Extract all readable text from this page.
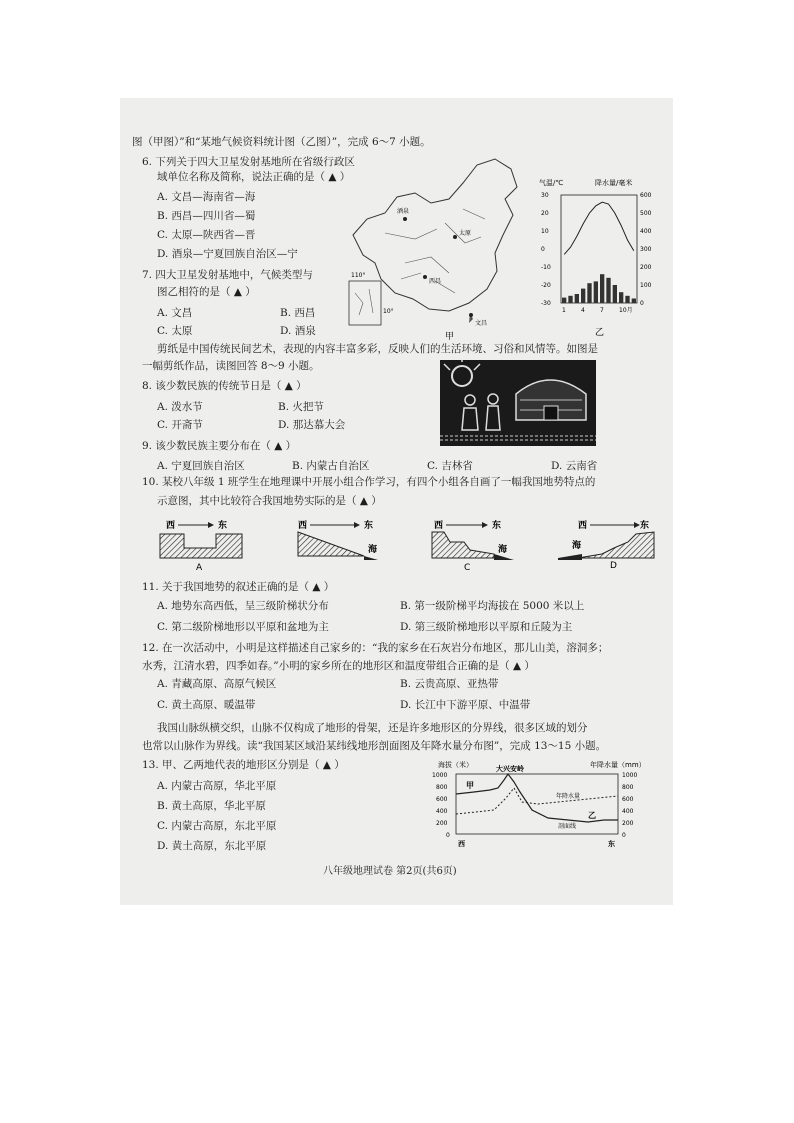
图（甲图）”和“某地气候资料统计图（乙图）”，完成 6～7 小题。
6. 下列关于四大卫星发射基地所在省级行政区
域单位名称及简称，说法正确的是（ ▲ ）
A. 文昌—海南省—海
B. 西昌—四川省—蜀
C. 太原—陕西省—晋
D. 酒泉—宁夏回族自治区—宁
7. 四大卫星发射基地中，气候类型与
图乙相符的是（ ▲ ）
A. 文昌	B. 西昌
C. 太原	D. 酒泉
酒泉
太原
西昌
文昌
110°
10°
甲
气温/℃	降水量/毫米
30
20
10
0
-10
-20
-30
600
500
400
300
200
100
0
1	4	7	10月
乙
剪纸是中国传统民间艺术，表现的内容丰富多彩，反映人们的生活环境、习俗和风情等。如图是
一幅剪纸作品，读图回答 8～9 小题。
8. 该少数民族的传统节日是（ ▲ ）
A. 泼水节	B. 火把节
C. 开斋节	D. 那达慕大会
9. 该少数民族主要分布在（ ▲ ）
A. 宁夏回族自治区	B. 内蒙古自治区	C. 吉林省	D. 云南省
10. 某校八年级 1 班学生在地理课中开展小组合作学习，有四个小组各自画了一幅我国地势特点的
示意图，其中比较符合我国地势实际的是（ ▲ ）
西	东
A
西	东
海
西	东
海
C
西	东
海
D
11. 关于我国地势的叙述正确的是（ ▲ ）
A. 地势东高西低，呈三级阶梯状分布	B. 第一级阶梯平均海拔在 5000 米以上
C. 第二级阶梯地形以平原和盆地为主	D. 第三级阶梯地形以平原和丘陵为主
12. 在一次活动中，小明是这样描述自己家乡的：“我的家乡在石灰岩分布地区，那儿山美，溶洞多；
水秀，江清水碧，四季如春。”小明的家乡所在的地形区和温度带组合正确的是（ ▲ ）
A. 青藏高原、高原气候区	B. 云贵高原、亚热带
C. 黄土高原、暖温带	D. 长江中下游平原、中温带
我国山脉纵横交织，山脉不仅构成了地形的骨架，还是许多地形区的分界线，很多区域的划分
也常以山脉作为界线。读“我国某区域沿某纬线地形剖面图及年降水量分布图”，完成 13～15 小题。
13. 甲、乙两地代表的地形区分别是（ ▲ ）
A. 内蒙古高原，华北平原
B. 黄土高原，华北平原
C. 内蒙古高原，东北平原
D. 黄土高原，东北平原
海拔（米）	年降水量（mm）
大兴安岭
1000
800
600
400
200
0
1000
800
600
400
200
0
甲
乙
年降水量
剖面线
西	东
八年级地理试卷 第2页(共6页)
